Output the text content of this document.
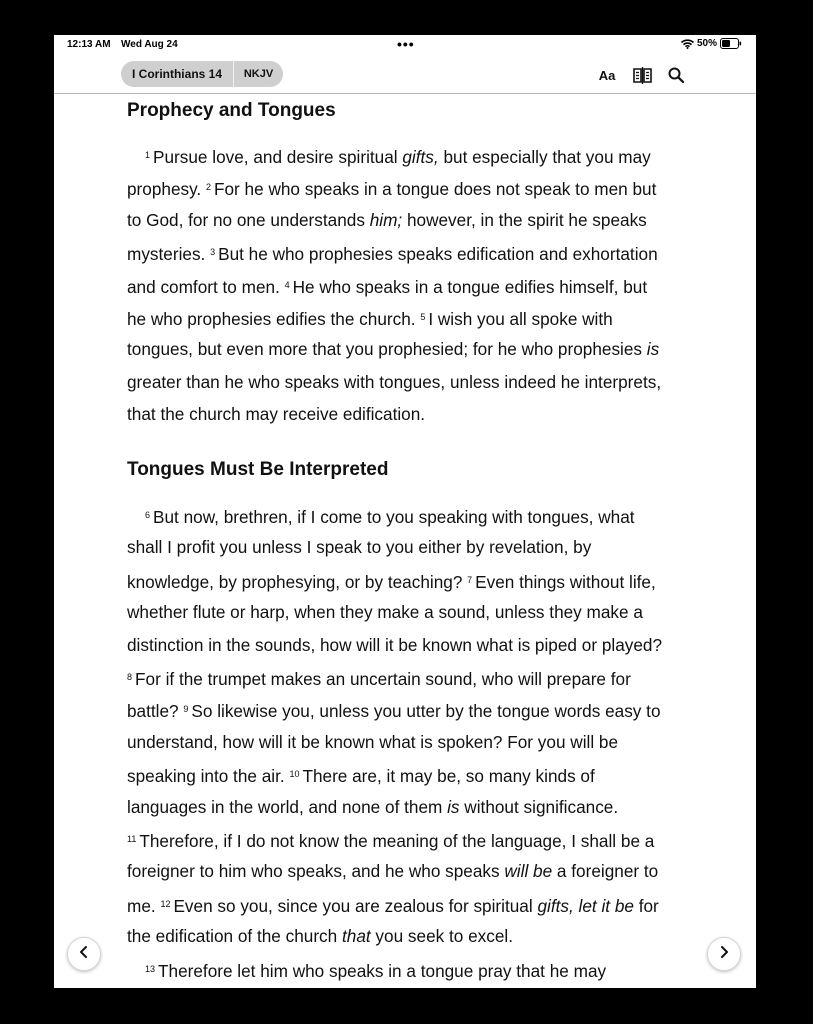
12:13 AM Wed Aug 24	•••	50%
I Corinthians 14	NKJV	Aa
Prophecy and Tongues
$^1$ Pursue love, and desire spiritual gifts, but especially that you may
prophesy. $^2$ For he who speaks in a tongue does not speak to men but
to God, for no one understands him; however, in the spirit he speaks
mysteries. $^3$ But he who prophesies speaks edification and exhortation
and comfort to men. $^4$ He who speaks in a tongue edifies himself, but
he who prophesies edifies the church. $^5$ I wish you all spoke with
tongues, but even more that you prophesied; for he who prophesies is
greater than he who speaks with tongues, unless indeed he interprets,
that the church may receive edification.
Tongues Must Be Interpreted
$^6$ But now, brethren, if I come to you speaking with tongues, what
shall I profit you unless I speak to you either by revelation, by
knowledge, by prophesying, or by teaching? $^7$ Even things without life,
whether flute or harp, when they make a sound, unless they make a
distinction in the sounds, how will it be known what is piped or played?
$^8$ For if the trumpet makes an uncertain sound, who will prepare for
battle? $^9$ So likewise you, unless you utter by the tongue words easy to
understand, how will it be known what is spoken? For you will be
speaking into the air. $^{10}$ There are, it may be, so many kinds of
languages in the world, and none of them is without significance.
$^{11}$ Therefore, if I do not know the meaning of the language, I shall be a
foreigner to him who speaks, and he who speaks will be a foreigner to
me. $^{12}$ Even so you, since you are zealous for spiritual gifts, let it be for
the edification of the church that you seek to excel.
$^{13}$ Therefore let him who speaks in a tongue pray that he may
